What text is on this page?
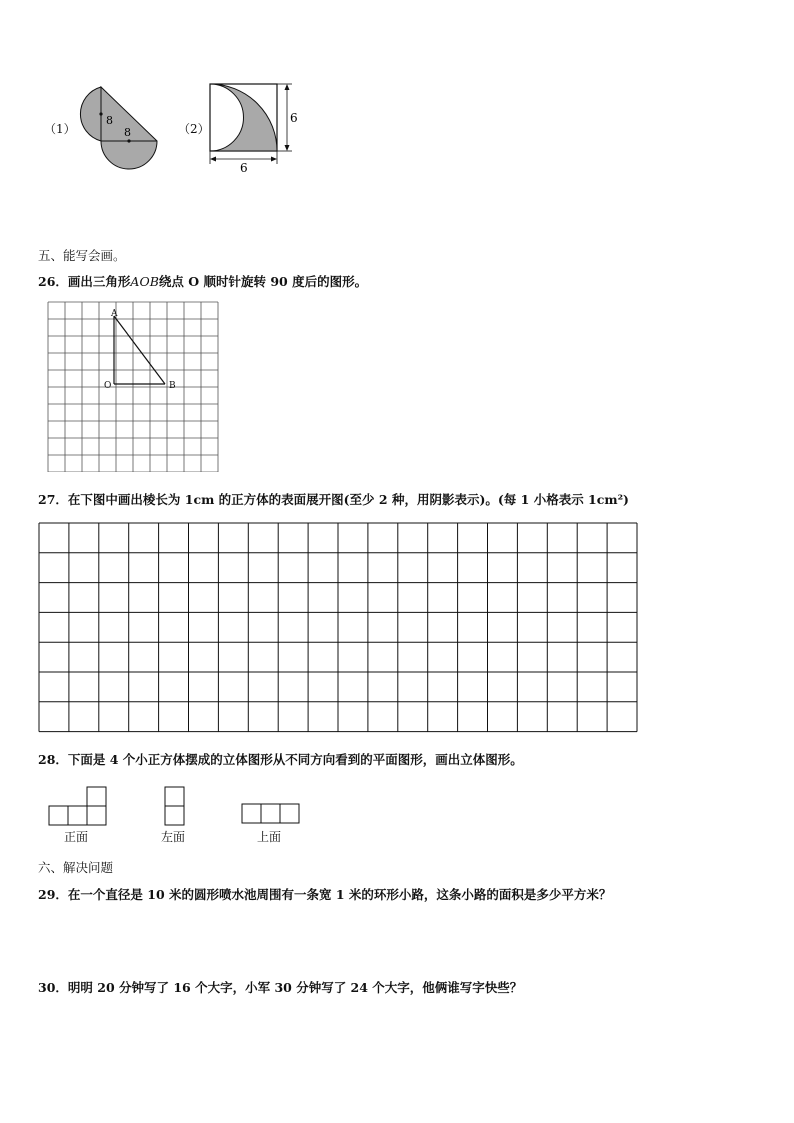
（1）
8
8	（2）
6
6
五、能写会画。
26．画出三角形AOB绕点 O 顺时针旋转 90 度后的图形。
A
O	B
27．在下图中画出棱长为 1cm 的正方体的表面展开图(至少 2 种，用阴影表示)。(每 1 小格表示 1cm²)
28．下面是 4 个小正方体摆成的立体图形从不同方向看到的平面图形，画出立体图形。
正面	左面	上面
六、解决问题
29．在一个直径是 10 米的圆形喷水池周围有一条宽 1 米的环形小路，这条小路的面积是多少平方米？
30．明明 20 分钟写了 16 个大字，小军 30 分钟写了 24 个大字，他俩谁写字快些？
